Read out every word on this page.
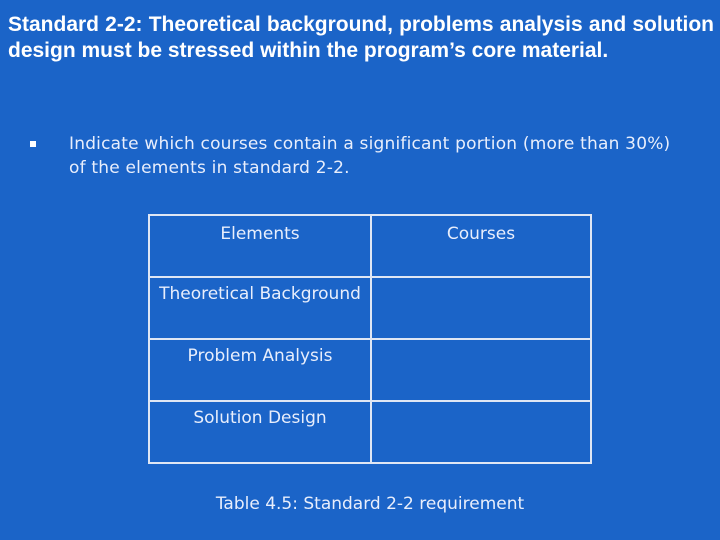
Standard 2-2: Theoretical background, problems analysis and solution design must be stressed within the program’s core material.
Indicate which courses contain a significant portion (more than 30%) of the elements in standard 2-2.
Elements	Courses
Theoretical Background	
Problem Analysis	
Solution Design	
Table 4.5: Standard 2-2 requirement
